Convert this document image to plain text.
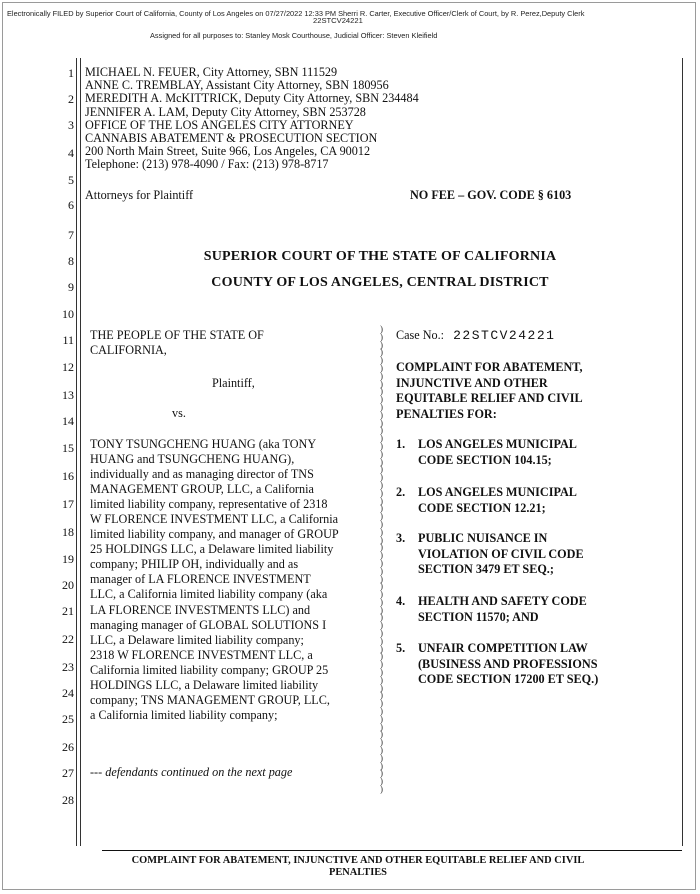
Electronically FILED by Superior Court of California, County of Los Angeles on 07/27/2022 12:33 PM Sherri R. Carter, Executive Officer/Clerk of Court, by R. Perez,Deputy Clerk
22STCV24221
Assigned for all purposes to: Stanley Mosk Courthouse, Judicial Officer: Steven Kleifield
1
2
3
4
5
6
7
8
9
10
11
12
13
14
15
16
17
18
19
20
21
22
23
24
25
26
27
28
MICHAEL N. FEUER, City Attorney, SBN 111529
ANNE C. TREMBLAY, Assistant City Attorney, SBN 180956
MEREDITH A. McKITTRICK, Deputy City Attorney, SBN 234484
JENNIFER A. LAM, Deputy City Attorney, SBN 253728
OFFICE OF THE LOS ANGELES CITY ATTORNEY
CANNABIS ABATEMENT & PROSECUTION SECTION
200 North Main Street, Suite 966, Los Angeles, CA 90012
Telephone: (213) 978-4090 / Fax: (213) 978-8717
Attorneys for Plaintiff	NO FEE – GOV. CODE § 6103
SUPERIOR COURT OF THE STATE OF CALIFORNIA
COUNTY OF LOS ANGELES, CENTRAL DISTRICT
THE PEOPLE OF THE STATE OF
CALIFORNIA,
Plaintiff,
vs.
TONY TSUNGCHENG HUANG (aka TONY
HUANG and TSUNGCHENG HUANG),
individually and as managing director of TNS
MANAGEMENT GROUP, LLC, a California
limited liability company, representative of 2318
W FLORENCE INVESTMENT LLC, a California
limited liability company, and manager of GROUP
25 HOLDINGS LLC, a Delaware limited liability
company; PHILIP OH, individually and as
manager of LA FLORENCE INVESTMENT
LLC, a California limited liability company (aka
LA FLORENCE INVESTMENTS LLC) and
managing manager of GLOBAL SOLUTIONS I
LLC, a Delaware limited liability company;
2318 W FLORENCE INVESTMENT LLC, a
California limited liability company; GROUP 25
HOLDINGS LLC, a Delaware limited liability
company; TNS MANAGEMENT GROUP, LLC,
a California limited liability company;
--- defendants continued on the next page
)
)
)
)
)
)
)
)
)
)
)
)
)
)
)
)
)
)
)
)
)
)
)
)
)
)
)
)
)
)
)
)
)
)
)
)
)
)
)
)
)
)
)
)
)
)
)
)
)
)
)
)
)
)
)
)
)
)
)
)

Case No.: 22STCV24221
COMPLAINT FOR ABATEMENT,
INJUNCTIVE AND OTHER
EQUITABLE RELIEF AND CIVIL
PENALTIES FOR:
1. LOS ANGELES MUNICIPAL
CODE SECTION 104.15;
2. LOS ANGELES MUNICIPAL
CODE SECTION 12.21;
3. PUBLIC NUISANCE IN
VIOLATION OF CIVIL CODE
SECTION 3479 ET SEQ.;
4. HEALTH AND SAFETY CODE
SECTION 11570; AND
5. UNFAIR COMPETITION LAW
(BUSINESS AND PROFESSIONS
CODE SECTION 17200 ET SEQ.)
COMPLAINT FOR ABATEMENT, INJUNCTIVE AND OTHER EQUITABLE RELIEF AND CIVIL
PENALTIES
